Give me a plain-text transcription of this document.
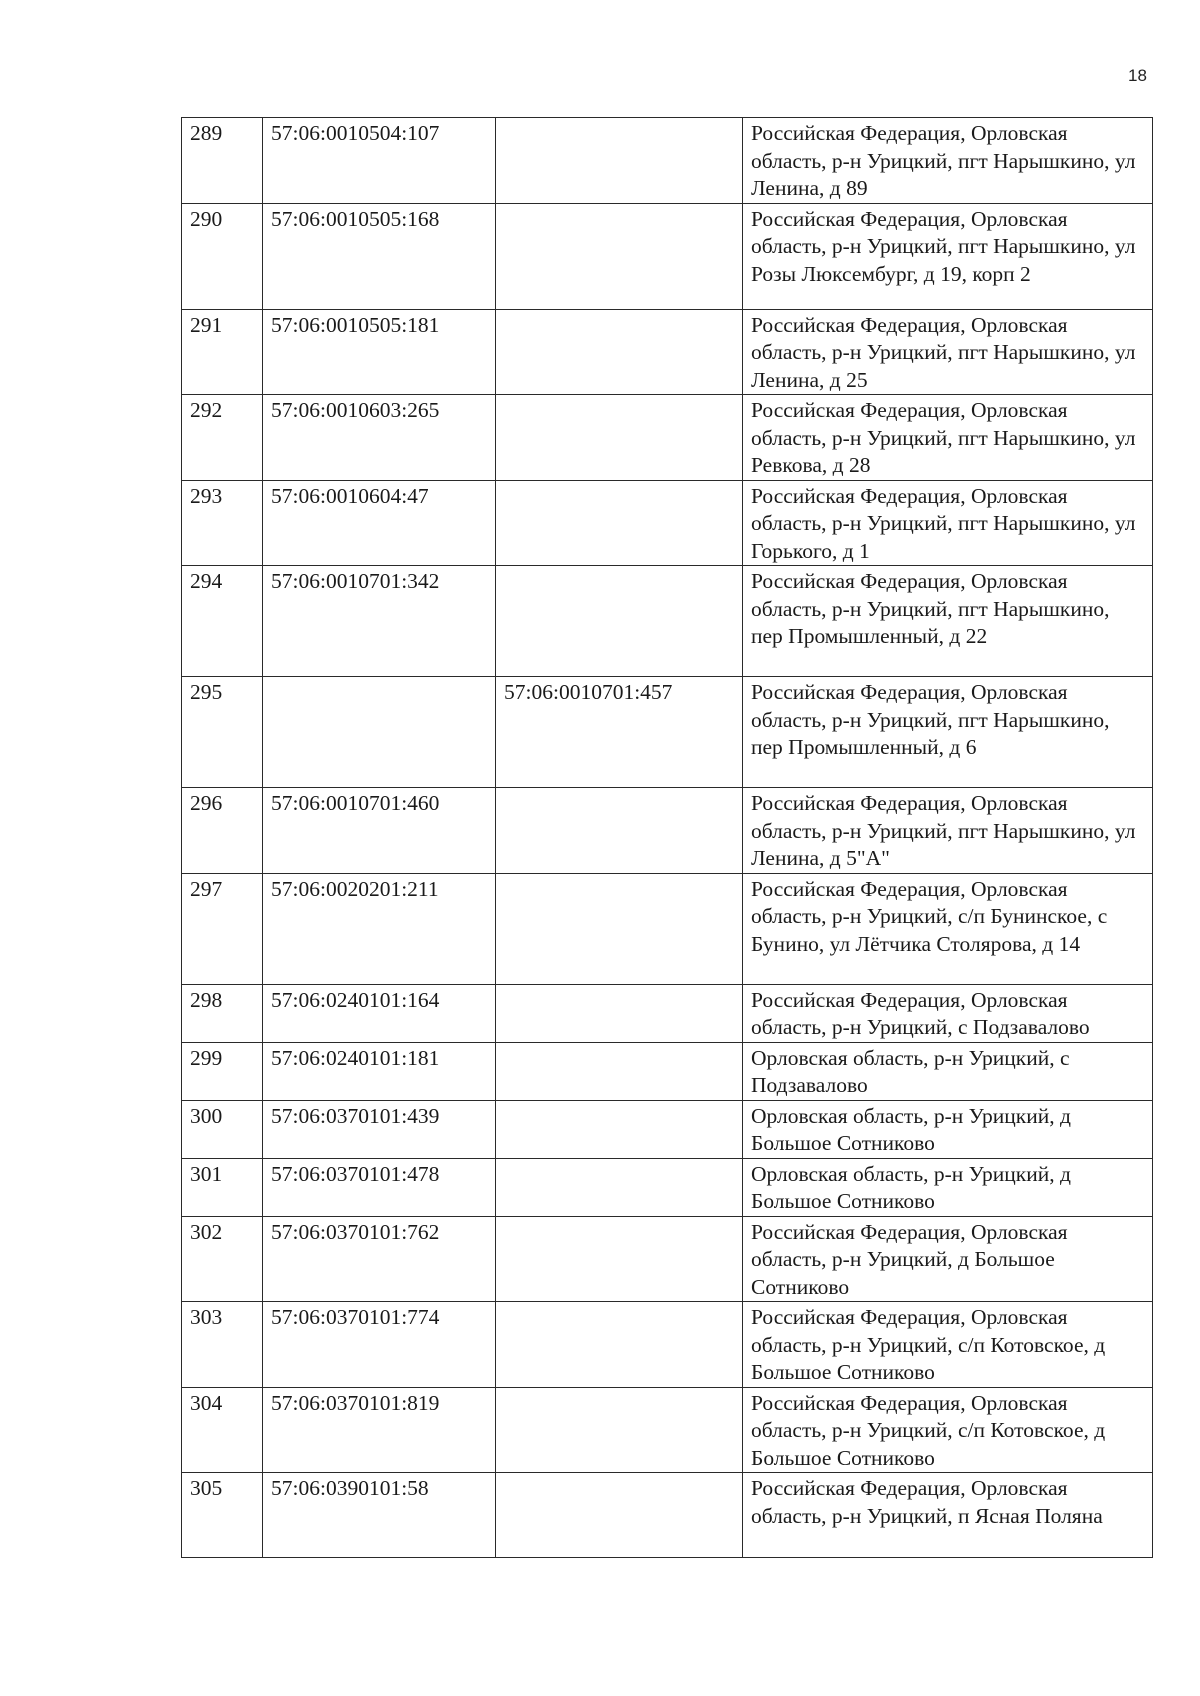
18
289	57:06:0010504:107		Российская Федерация, Орловская область, р-н Урицкий, пгт Нарышкино, ул Ленина, д 89
290	57:06:0010505:168		Российская Федерация, Орловская область, р-н Урицкий, пгт Нарышкино, ул Розы Люксембург, д 19, корп 2
291	57:06:0010505:181		Российская Федерация, Орловская область, р-н Урицкий, пгт Нарышкино, ул Ленина, д 25
292	57:06:0010603:265		Российская Федерация, Орловская область, р-н Урицкий, пгт Нарышкино, ул Ревкова, д 28
293	57:06:0010604:47		Российская Федерация, Орловская область, р-н Урицкий, пгт Нарышкино, ул Горького, д 1
294	57:06:0010701:342		Российская Федерация, Орловская область, р-н Урицкий, пгт Нарышкино, пер Промышленный, д 22
295		57:06:0010701:457	Российская Федерация, Орловская область, р-н Урицкий, пгт Нарышкино, пер Промышленный, д 6
296	57:06:0010701:460		Российская Федерация, Орловская область, р-н Урицкий, пгт Нарышкино, ул Ленина, д 5"А"
297	57:06:0020201:211		Российская Федерация, Орловская область, р-н Урицкий, с/п Бунинское, с Бунино, ул Лётчика Столярова, д 14
298	57:06:0240101:164		Российская Федерация, Орловская область, р-н Урицкий, с Подзавалово
299	57:06:0240101:181		Орловская область, р-н Урицкий, с Подзавалово
300	57:06:0370101:439		Орловская область, р-н Урицкий, д Большое Сотниково
301	57:06:0370101:478		Орловская область, р-н Урицкий, д Большое Сотниково
302	57:06:0370101:762		Российская Федерация, Орловская область, р-н Урицкий, д Большое Сотниково
303	57:06:0370101:774		Российская Федерация, Орловская область, р-н Урицкий, с/п Котовское, д Большое Сотниково
304	57:06:0370101:819		Российская Федерация, Орловская область, р-н Урицкий, с/п Котовское, д Большое Сотниково
305	57:06:0390101:58		Российская Федерация, Орловская область, р-н Урицкий, п Ясная Поляна
